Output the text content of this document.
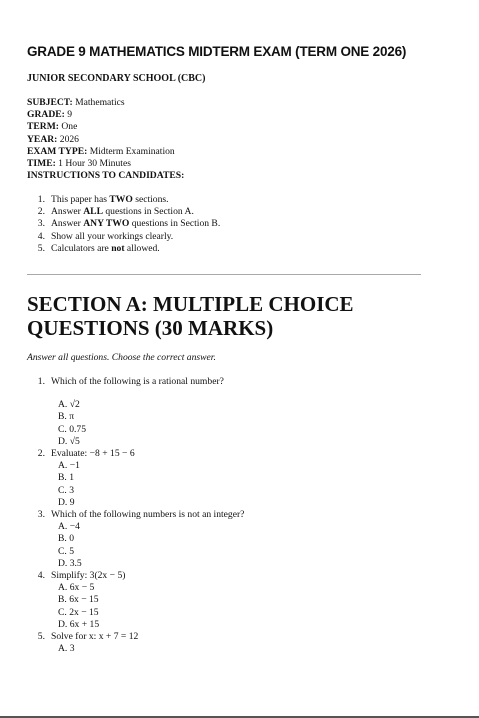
GRADE 9 MATHEMATICS MIDTERM EXAM (TERM ONE 2026)
JUNIOR SECONDARY SCHOOL (CBC)
SUBJECT: Mathematics
GRADE: 9
TERM: One
YEAR: 2026
EXAM TYPE: Midterm Examination
TIME: 1 Hour 30 Minutes
INSTRUCTIONS TO CANDIDATES:
1. This paper has TWO sections.
2. Answer ALL questions in Section A.
3. Answer ANY TWO questions in Section B.
4. Show all your workings clearly.
5. Calculators are not allowed.
SECTION A: MULTIPLE CHOICE QUESTIONS (30 MARKS)

Answer all questions. Choose the correct answer.

1. Which of the following is a rational number?
A. √2
B. π
C. 0.75
D. √5
2. Evaluate: −8 + 15 − 6
A. −1
B. 1
C. 3
D. 9
3. Which of the following numbers is not an integer?
A. −4
B. 0
C. 5
D. 3.5
4. Simplify: 3(2x − 5)
A. 6x − 5
B. 6x − 15
C. 2x − 15
D. 6x + 15
5. Solve for x: x + 7 = 12
A. 3
